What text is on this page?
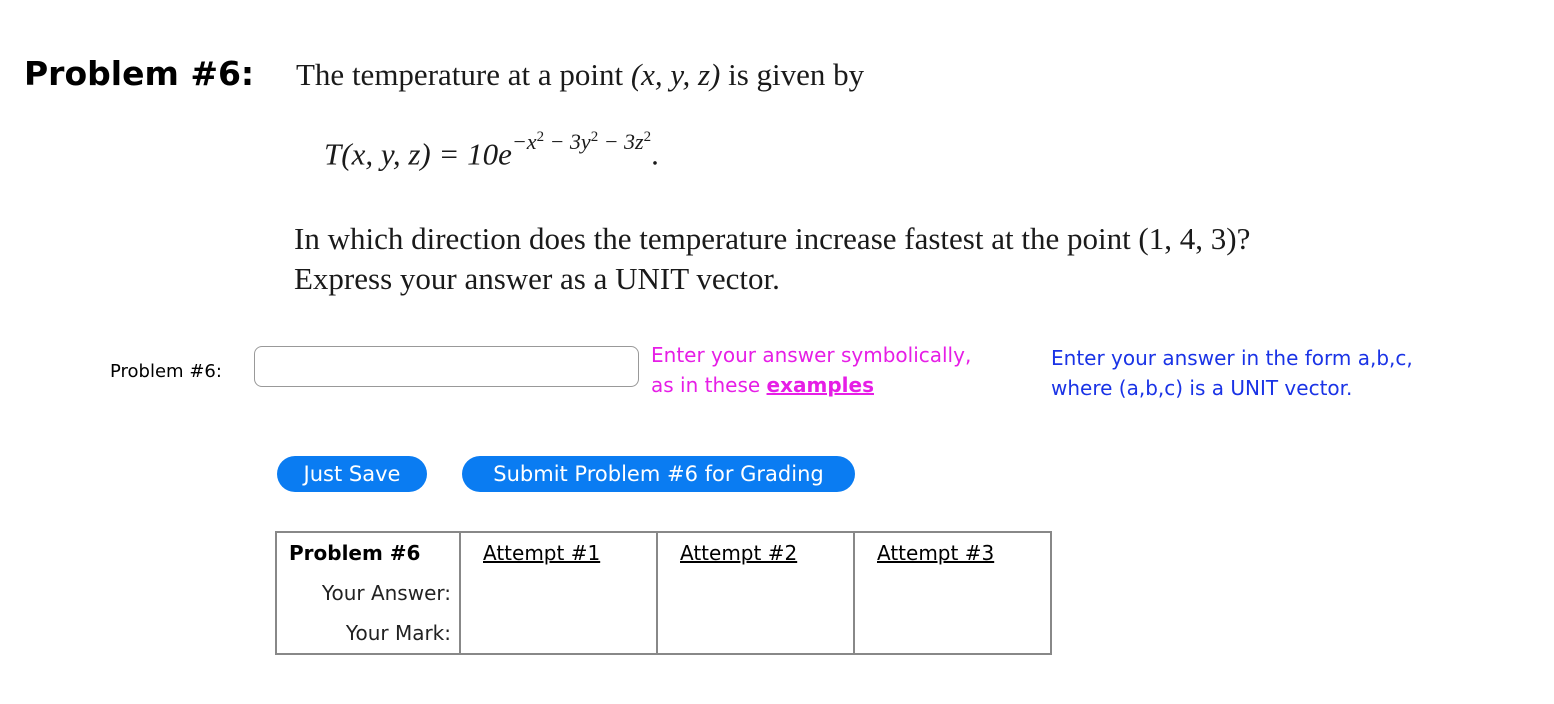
Problem #6: The temperature at a point (x, y, z) is given by
T(x, y, $z) = 10e^{-x^2 - 3y^2 - 3z^2}$.
In which direction does the temperature increase fastest at the point (1, 4, 3)?
Express your answer as a UNIT vector.
Problem #6:
Enter your answer symbolically,
as in these examples
Enter your answer in the form a,b,c,
where (a,b,c) is a UNIT vector.
Just Save	Submit Problem #6 for Grading
Problem #6	Attempt #1	Attempt #2	Attempt #3
Your Answer:			
Your Mark:			
